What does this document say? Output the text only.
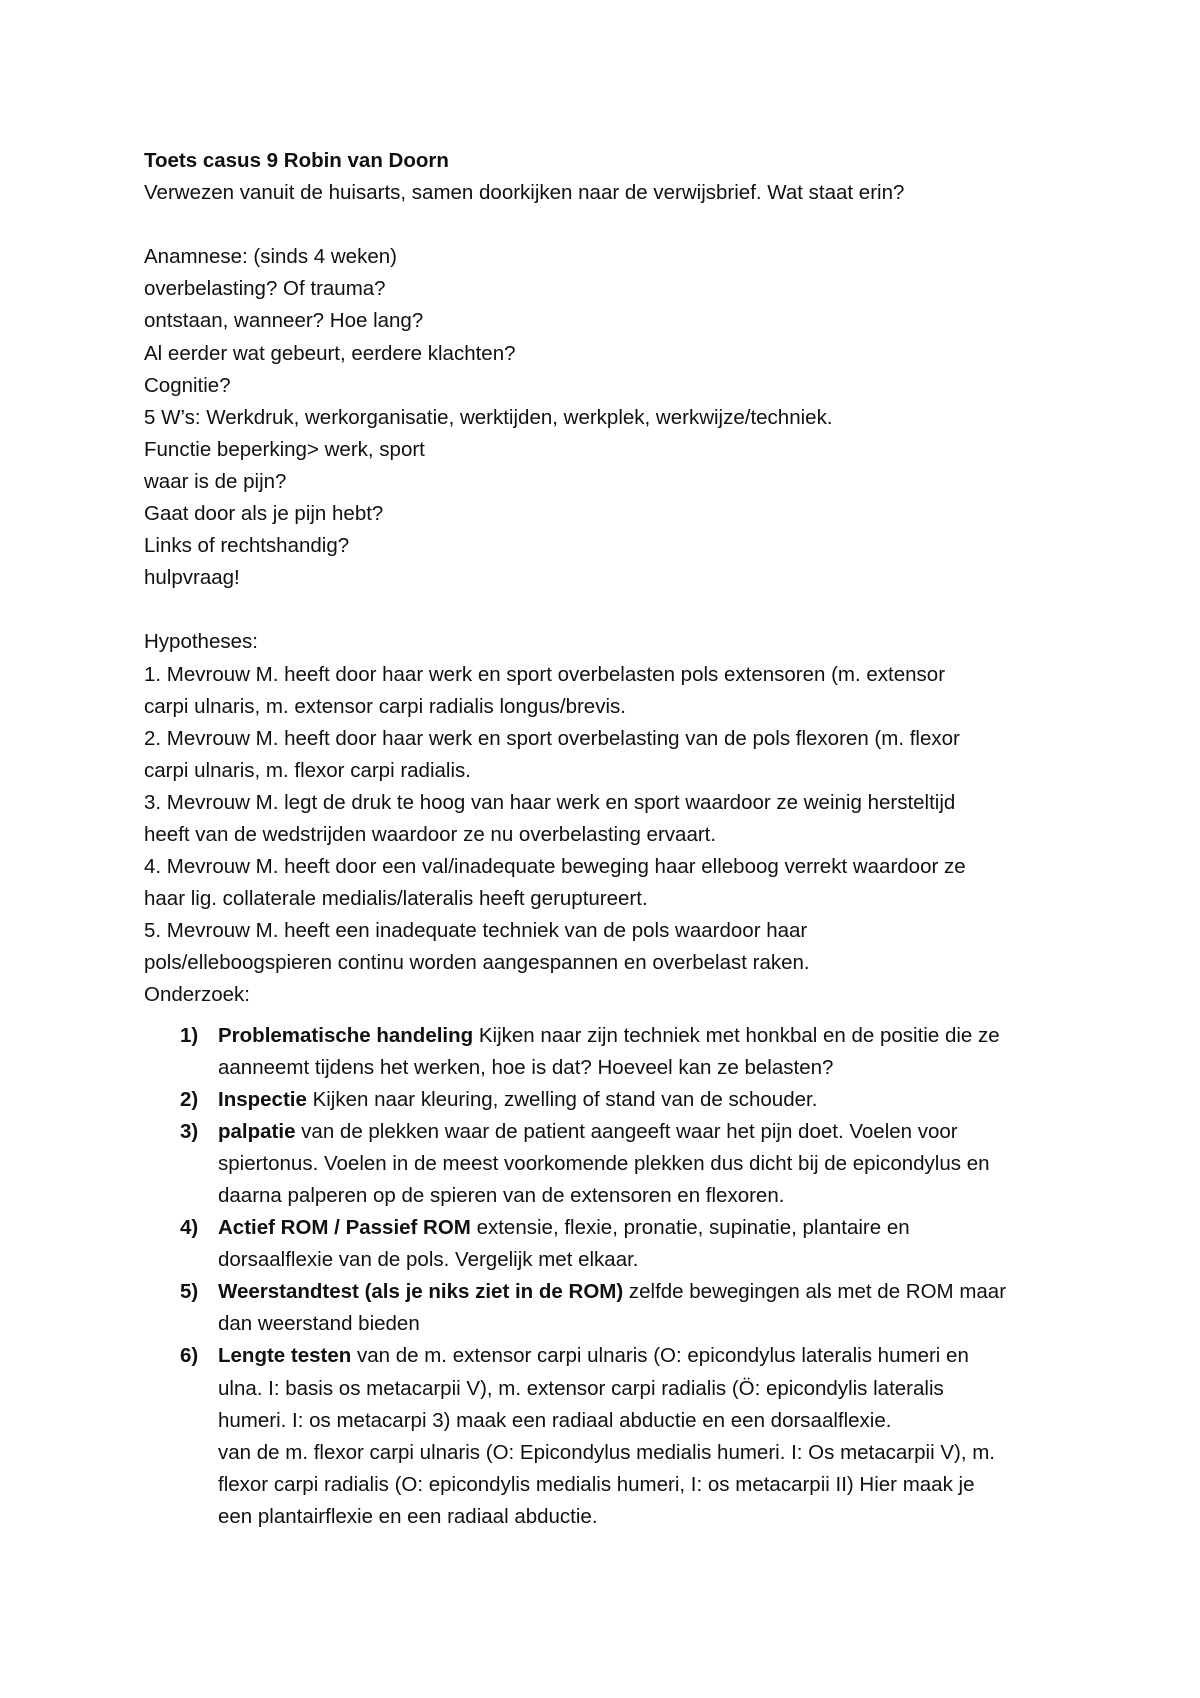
Toets casus 9 Robin van Doorn
Verwezen vanuit de huisarts, samen doorkijken naar de verwijsbrief. Wat staat erin?
Anamnese: (sinds 4 weken)
overbelasting? Of trauma?
ontstaan, wanneer? Hoe lang?
Al eerder wat gebeurt, eerdere klachten?
Cognitie?
5 W’s: Werkdruk, werkorganisatie, werktijden, werkplek, werkwijze/techniek.
Functie beperking> werk, sport
waar is de pijn?
Gaat door als je pijn hebt?
Links of rechtshandig?
hulpvraag!
Hypotheses:
1. Mevrouw M. heeft door haar werk en sport overbelasten pols extensoren (m. extensor
carpi ulnaris, m. extensor carpi radialis longus/brevis.
2. Mevrouw M. heeft door haar werk en sport overbelasting van de pols flexoren (m. flexor
carpi ulnaris, m. flexor carpi radialis.
3. Mevrouw M. legt de druk te hoog van haar werk en sport waardoor ze weinig hersteltijd
heeft van de wedstrijden waardoor ze nu overbelasting ervaart.
4. Mevrouw M. heeft door een val/inadequate beweging haar elleboog verrekt waardoor ze
haar lig. collaterale medialis/lateralis heeft geruptureert.
5. Mevrouw M. heeft een inadequate techniek van de pols waardoor haar
pols/elleboogspieren continu worden aangespannen en overbelast raken.
Onderzoek:
1) Problematische handeling Kijken naar zijn techniek met honkbal en de positie die ze
aanneemt tijdens het werken, hoe is dat? Hoeveel kan ze belasten?
2) Inspectie Kijken naar kleuring, zwelling of stand van de schouder.
3) palpatie van de plekken waar de patient aangeeft waar het pijn doet. Voelen voor
spiertonus. Voelen in de meest voorkomende plekken dus dicht bij de epicondylus en
daarna palperen op de spieren van de extensoren en flexoren.
4) Actief ROM / Passief ROM extensie, flexie, pronatie, supinatie, plantaire en
dorsaalflexie van de pols. Vergelijk met elkaar.
5) Weerstandtest (als je niks ziet in de ROM) zelfde bewegingen als met de ROM maar
dan weerstand bieden
6) Lengte testen van de m. extensor carpi ulnaris (O: epicondylus lateralis humeri en
ulna. I: basis os metacarpii V), m. extensor carpi radialis (Ö: epicondylis lateralis
humeri. I: os metacarpi 3) maak een radiaal abductie en een dorsaalflexie.
van de m. flexor carpi ulnaris (O: Epicondylus medialis humeri. I: Os metacarpii V), m.
flexor carpi radialis (O: epicondylis medialis humeri, I: os metacarpii II) Hier maak je
een plantairflexie en een radiaal abductie.
